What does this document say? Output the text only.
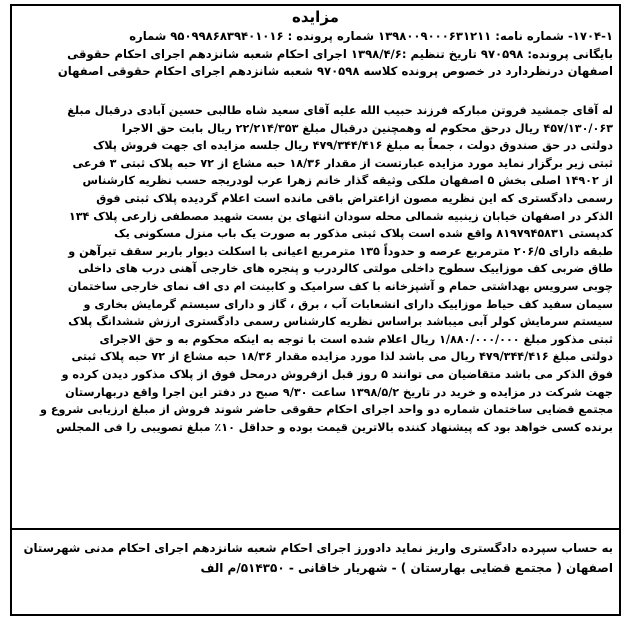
مزایده
۱۷۰۴-۱- شماره نامه: ۱۳۹۸۰۰۹۰۰۰۶۳۱۲۱۱ شماره پرونده : ۹۵۰۹۹۸۶۸۳۹۴۰۱۰۱۶ شماره
بایگانی پرونده: ۹۷۰۵۹۸ تاریخ تنظیم :۱۳۹۸/۴/۶ اجرای احکام شعبه شانزدهم اجرای احکام حقوقی
اصفهان درنظردارد در خصوص پرونده کلاسه ۹۷۰۵۹۸ شعبه شانزدهم اجرای احکام حقوقی اصفهان
له آقای جمشید فروتن مبارکه فرزند حبیب الله علیه آقای سعید شاه طالبی حسین آبادی درقبال مبلغ
۴۵۷/۱۳۰/۰۶۳ ریال درحق محکوم له وهمچنین درقبال مبلغ ۲۲/۲۱۴/۳۵۳ ریال بابت حق الاجرا
دولتی در حق صندوق دولت ، جمعاً به مبلغ ۴۷۹/۳۴۴/۴۱۶ ریال جلسه مزایده ای جهت فروش پلاک
ثبتی زیر برگزار نماید مورد مزایده عبارتست از مقدار ۱۸/۳۶ حبه مشاع از ۷۲ حبه پلاک ثبتی ۳ فرعی
از ۱۴۹۰۲ اصلی بخش ۵ اصفهان ملکی وثیقه گذار خانم زهرا عرب لودریجه حسب نظریه کارشناس
رسمی دادگستری که این نظریه مصون ازاعتراض باقی مانده است اعلام گردیده پلاک ثبتی فوق
الذکر در اصفهان خیابان زینبیه شمالی محله سودان انتهای بن بست شهید مصطفی زارعی پلاک ۱۳۴
کدپستی ۸۱۹۷۹۴۵۸۳۱ واقع شده است پلاک ثبتی مذکور به صورت یک باب منزل مسکونی یک
طبقه دارای ۲۰۶/۵ مترمربع عرصه و حدوداً ۱۳۵ مترمربع اعیانی با اسکلت دیوار باربر سقف تیرآهن و
طاق ضربی کف موزاییک سطوح داخلی مولتی کالردرب و پنجره های خارجی آهنی درب های داخلی
چوبی سرویس بهداشتی حمام و آشپزخانه با کف سرامیک و کابینت ام دی اف نمای خارجی ساختمان
سیمان سفید کف حیاط موزاییک دارای انشعابات آب ، برق ، گاز و دارای سیستم گرمایش بخاری و
سیستم سرمایش کولر آبی میباشد براساس نظریه کارشناس رسمی دادگستری ارزش ششدانگ پلاک
ثبتی مذکور مبلغ ۱/۸۸۰/۰۰۰/۰۰۰ ریال اعلام شده است با توجه به اینکه محکوم به و حق الاجرای
دولتی مبلغ ۴۷۹/۳۴۴/۴۱۶ ریال می باشد لذا مورد مزایده مقدار ۱۸/۳۶ حبه مشاع از ۷۲ حبه پلاک ثبتی
فوق الذکر می باشد متقاضیان می توانند ۵ روز قبل ازفروش درمحل فوق از پلاک مذکور دیدن کرده و
جهت شرکت در مزایده و خرید در تاریخ ۱۳۹۸/۵/۲ ساعت ۹/۳۰ صبح در دفتر این اجرا واقع دربهارستان
مجتمع قضایی ساختمان شماره دو واحد اجرای احکام حقوقی حاضر شوند فروش از مبلغ ارزیابی شروع و
برنده کسی خواهد بود که پیشنهاد کننده بالاترین قیمت بوده و حداقل ۱۰٪ مبلغ تصویبی را فی المجلس
به حساب سپرده دادگستری واریز نماید دادورز اجرای احکام شعبه شانزدهم اجرای احکام مدنی شهرستان
اصفهان ( مجتمع قضایی بهارستان ) - شهریار خاقانی - ۵۱۴۳۵۰/م الف
